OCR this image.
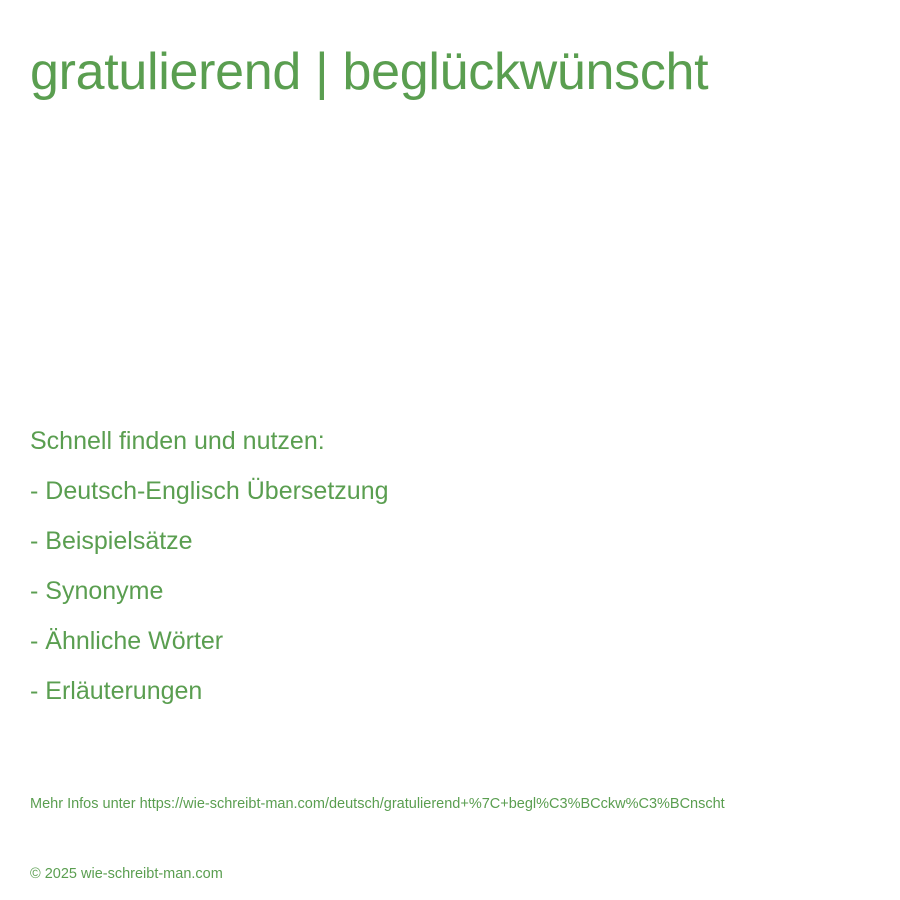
gratulierend | beglückwünscht
Schnell finden und nutzen:
- Deutsch-Englisch Übersetzung
- Beispielsätze
- Synonyme
- Ähnliche Wörter
- Erläuterungen
Mehr Infos unter https://wie-schreibt-man.com/deutsch/gratulierend+%7C+begl%C3%BCckw%C3%BCnscht
© 2025 wie-schreibt-man.com
